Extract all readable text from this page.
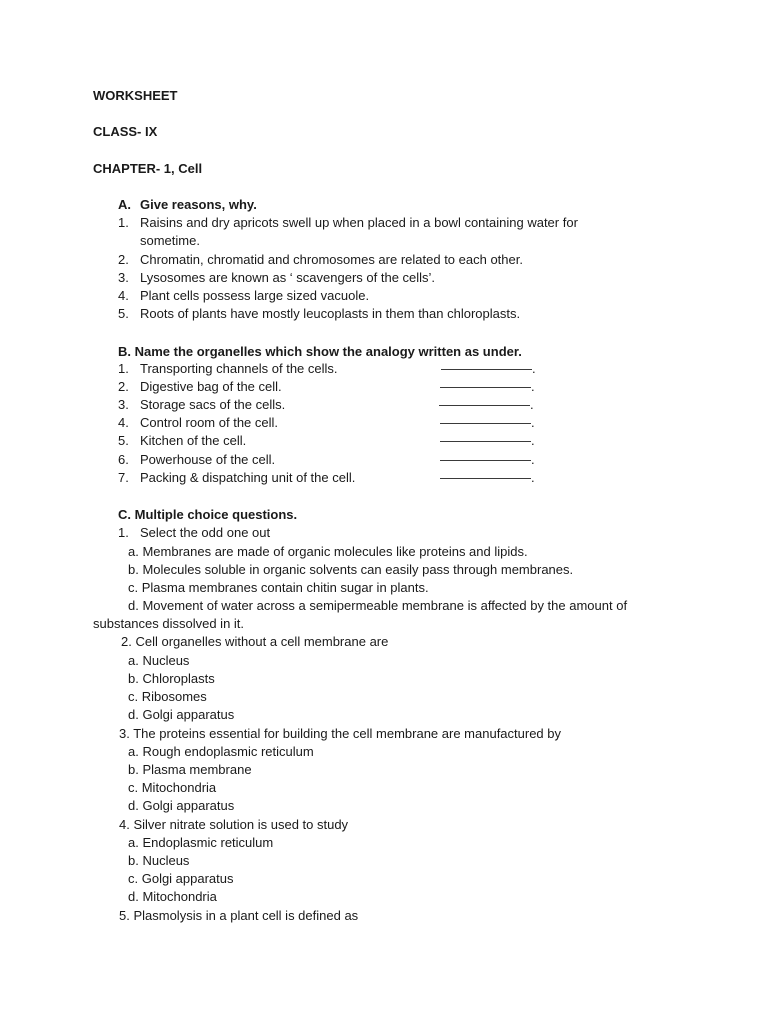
WORKSHEET
CLASS- IX
CHAPTER- 1, Cell
A. Give reasons, why.
1. Raisins and dry apricots swell up when placed in a bowl containing water for
sometime.
2. Chromatin, chromatid and chromosomes are related to each other.
3. Lysosomes are known as ‘ scavengers of the cells’.
4. Plant cells possess large sized vacuole.
5. Roots of plants have mostly leucoplasts in them than chloroplasts.
B. Name the organelles which show the analogy written as under.
1. Transporting channels of the cells.	———————.
2. Digestive bag of the cell.	———————.
3. Storage sacs of the cells.	———————.
4. Control room of the cell.	———————.
5. Kitchen of the cell.	———————.
6. Powerhouse of the cell.	———————.
7. Packing & dispatching unit of the cell.	———————.
C. Multiple choice questions.
1. Select the odd one out
a. Membranes are made of organic molecules like proteins and lipids.
b. Molecules soluble in organic solvents can easily pass through membranes.
c. Plasma membranes contain chitin sugar in plants.
d. Movement of water across a semipermeable membrane is affected by the amount of
substances dissolved in it.
2. Cell organelles without a cell membrane are
a. Nucleus
b. Chloroplasts
c. Ribosomes
d. Golgi apparatus
3. The proteins essential for building the cell membrane are manufactured by
a. Rough endoplasmic reticulum
b. Plasma membrane
c. Mitochondria
d. Golgi apparatus
4. Silver nitrate solution is used to study
a. Endoplasmic reticulum
b. Nucleus
c. Golgi apparatus
d. Mitochondria
5. Plasmolysis in a plant cell is defined as
